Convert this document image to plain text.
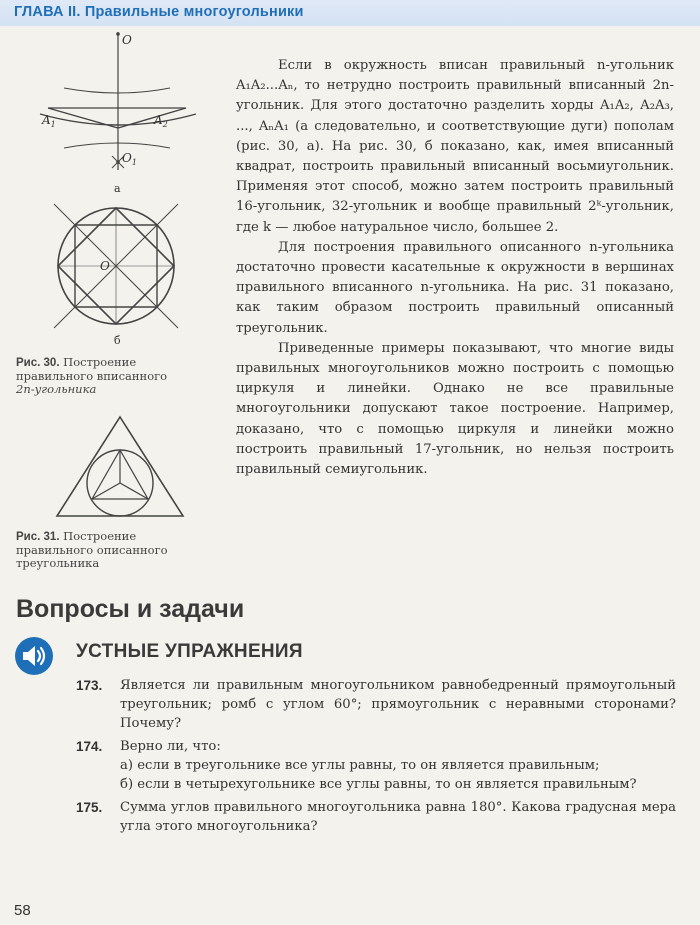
ГЛАВА II. Правильные многоугольники
O
$O_1$
$A_1$	$A_2$
а
O
б
Рис. 30. Построение
правильного вписанного
2n-угольника
Рис. 31. Построение
правильного описанного
треугольника

Если в окружность вписан правильный n-угольник A₁A₂...Aₙ, то нетрудно построить правильный вписанный 2n-угольник. Для этого достаточно разделить хорды A₁A₂, A₂A₃, ..., AₙA₁ (а следовательно, и соответствующие дуги) пополам (рис. 30, а). На рис. 30, б показано, как, имея вписанный квадрат, построить правильный вписанный восьмиугольник. Применяя этот способ, можно затем построить правильный 16-угольник, 32-угольник и вообще правильный 2ᵏ-угольник, где k — любое натуральное число, большее 2.

Для построения правильного описанного n-угольника достаточно провести касательные к окружности в вершинах правильного вписанного n-угольника. На рис. 31 показано, как таким образом построить правильный описанный треугольник.

Приведенные примеры показывают, что многие виды правильных многоугольников можно построить с помощью циркуля и линейки. Однако не все правильные многоугольники допускают такое построение. Например, доказано, что с помощью циркуля и линейки можно построить правильный 17-угольник, но нельзя построить правильный семиугольник.

Вопросы и задачи
УСТНЫЕ УПРАЖНЕНИЯ
173. Является ли правильным многоугольником равнобедренный прямоугольный треугольник; ромб с углом 60°; прямоугольник с неравными сторонами? Почему?
174. Верно ли, что:
а) если в треугольнике все углы равны, то он является правильным;
б) если в четырехугольнике все углы равны, то он является правильным?
175. Сумма углов правильного многоугольника равна 180°. Какова градусная мера угла этого многоугольника?
58
